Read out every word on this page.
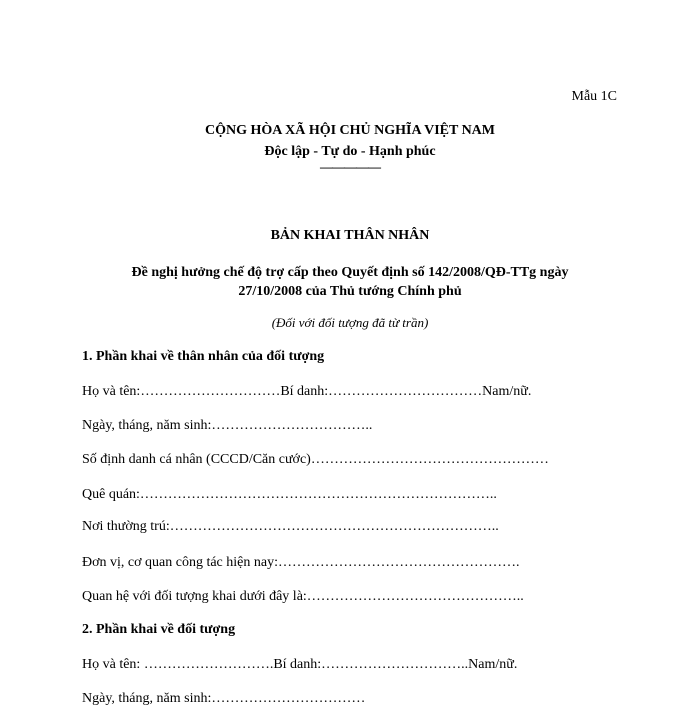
Mẫu 1C
CỘNG HÒA XÃ HỘI CHỦ NGHĨA VIỆT NAM
Độc lập - Tự do - Hạnh phúc
—————
BẢN KHAI THÂN NHÂN
Đề nghị hưởng chế độ trợ cấp theo Quyết định số 142/2008/QĐ-TTg ngày
27/10/2008 của Thủ tướng Chính phủ
(Đối với đối tượng đã từ trần)
1. Phần khai về thân nhân của đối tượng
Họ và tên:…………………………Bí danh:……………………………Nam/nữ.
Ngày, tháng, năm sinh:……………………………..
Số định danh cá nhân (CCCD/Căn cước)……………………………………………
Quê quán:…………………………………………………………………..
Nơi thường trú:……………………………………………………………..
Đơn vị, cơ quan công tác hiện nay:…………………………………………….
Quan hệ với đối tượng khai dưới đây là:………………………………………..
2. Phần khai về đối tượng
Họ và tên: ……………………….Bí danh:…………………………..Nam/nữ.
Ngày, tháng, năm sinh:……………………………
